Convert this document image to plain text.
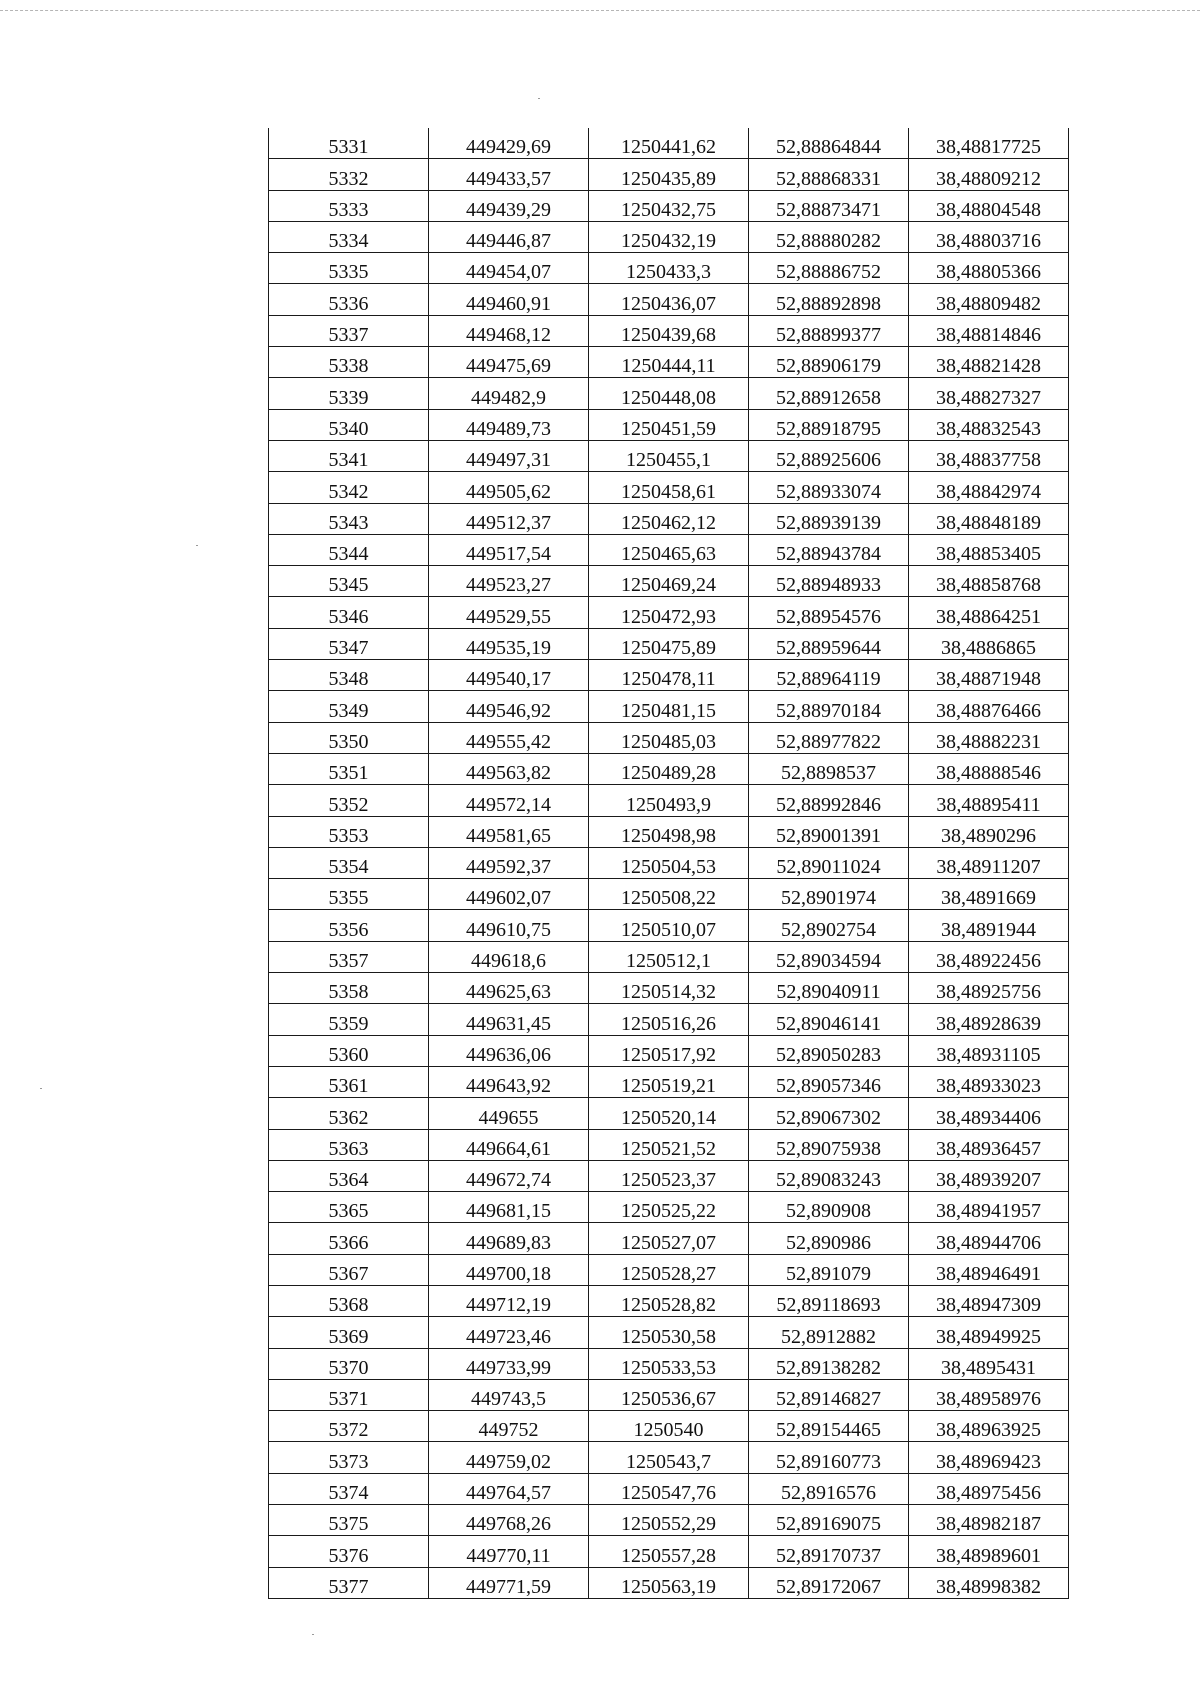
5331	449429,69	1250441,62	52,88864844	38,48817725
5332	449433,57	1250435,89	52,88868331	38,48809212
5333	449439,29	1250432,75	52,88873471	38,48804548
5334	449446,87	1250432,19	52,88880282	38,48803716
5335	449454,07	1250433,3	52,88886752	38,48805366
5336	449460,91	1250436,07	52,88892898	38,48809482
5337	449468,12	1250439,68	52,88899377	38,48814846
5338	449475,69	1250444,11	52,88906179	38,48821428
5339	449482,9	1250448,08	52,88912658	38,48827327
5340	449489,73	1250451,59	52,88918795	38,48832543
5341	449497,31	1250455,1	52,88925606	38,48837758
5342	449505,62	1250458,61	52,88933074	38,48842974
5343	449512,37	1250462,12	52,88939139	38,48848189
5344	449517,54	1250465,63	52,88943784	38,48853405
5345	449523,27	1250469,24	52,88948933	38,48858768
5346	449529,55	1250472,93	52,88954576	38,48864251
5347	449535,19	1250475,89	52,88959644	38,4886865
5348	449540,17	1250478,11	52,88964119	38,48871948
5349	449546,92	1250481,15	52,88970184	38,48876466
5350	449555,42	1250485,03	52,88977822	38,48882231
5351	449563,82	1250489,28	52,8898537	38,48888546
5352	449572,14	1250493,9	52,88992846	38,48895411
5353	449581,65	1250498,98	52,89001391	38,4890296
5354	449592,37	1250504,53	52,89011024	38,48911207
5355	449602,07	1250508,22	52,8901974	38,4891669
5356	449610,75	1250510,07	52,8902754	38,4891944
5357	449618,6	1250512,1	52,89034594	38,48922456
5358	449625,63	1250514,32	52,89040911	38,48925756
5359	449631,45	1250516,26	52,89046141	38,48928639
5360	449636,06	1250517,92	52,89050283	38,48931105
5361	449643,92	1250519,21	52,89057346	38,48933023
5362	449655	1250520,14	52,89067302	38,48934406
5363	449664,61	1250521,52	52,89075938	38,48936457
5364	449672,74	1250523,37	52,89083243	38,48939207
5365	449681,15	1250525,22	52,890908	38,48941957
5366	449689,83	1250527,07	52,890986	38,48944706
5367	449700,18	1250528,27	52,891079	38,48946491
5368	449712,19	1250528,82	52,89118693	38,48947309
5369	449723,46	1250530,58	52,8912882	38,48949925
5370	449733,99	1250533,53	52,89138282	38,4895431
5371	449743,5	1250536,67	52,89146827	38,48958976
5372	449752	1250540	52,89154465	38,48963925
5373	449759,02	1250543,7	52,89160773	38,48969423
5374	449764,57	1250547,76	52,8916576	38,48975456
5375	449768,26	1250552,29	52,89169075	38,48982187
5376	449770,11	1250557,28	52,89170737	38,48989601
5377	449771,59	1250563,19	52,89172067	38,48998382
